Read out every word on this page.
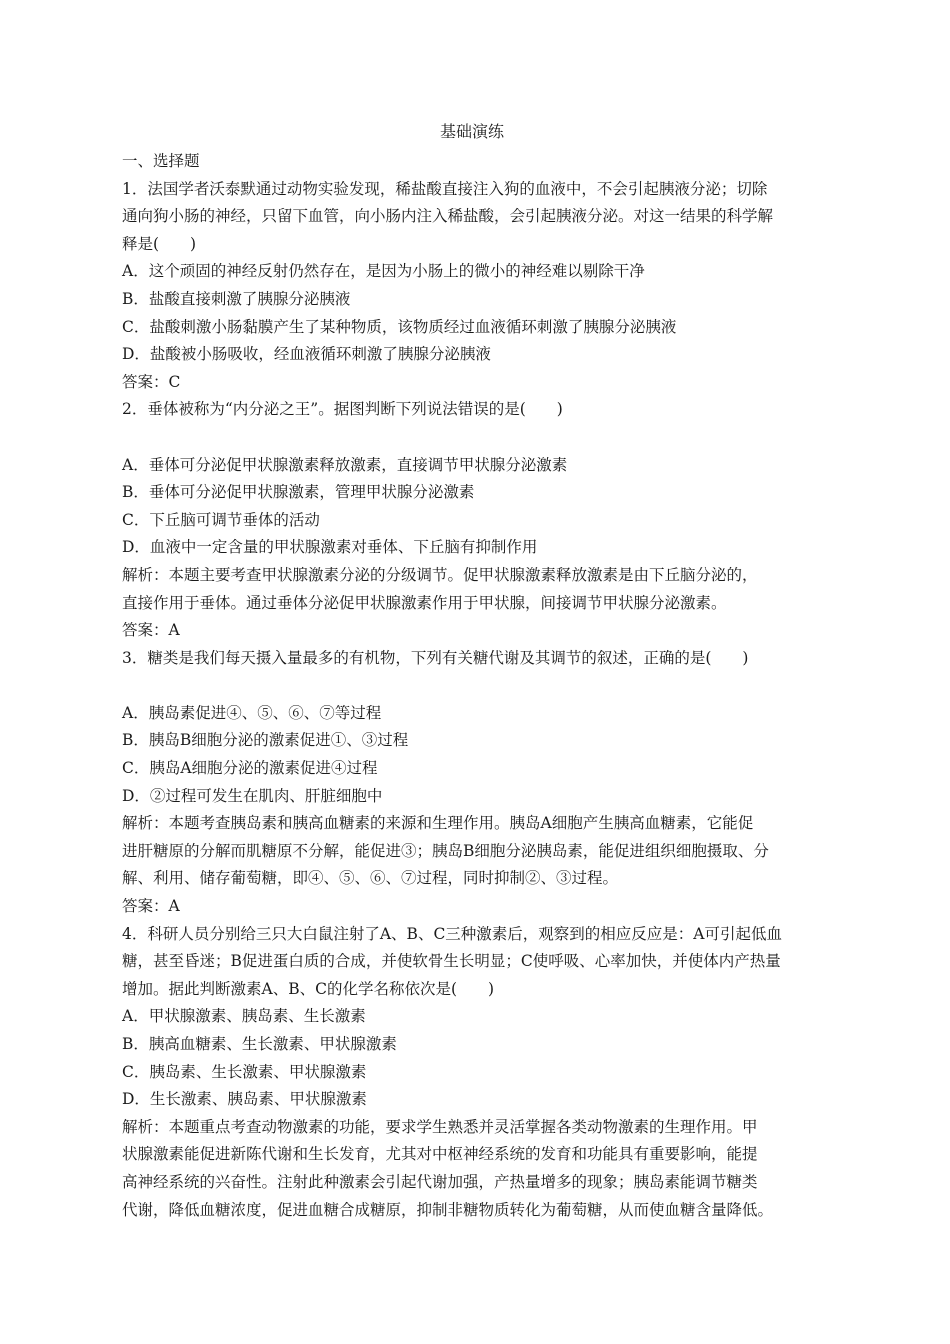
基础演练
一、选择题
1．法国学者沃泰默通过动物实验发现，稀盐酸直接注入狗的血液中，不会引起胰液分泌；切除
通向狗小肠的神经，只留下血管，向小肠内注入稀盐酸，会引起胰液分泌。对这一结果的科学解
释是(　　)
A．这个顽固的神经反射仍然存在，是因为小肠上的微小的神经难以剔除干净
B．盐酸直接刺激了胰腺分泌胰液
C．盐酸刺激小肠黏膜产生了某种物质，该物质经过血液循环刺激了胰腺分泌胰液
D．盐酸被小肠吸收，经血液循环刺激了胰腺分泌胰液
答案：C
2．垂体被称为“内分泌之王”。据图判断下列说法错误的是(　　)
A．垂体可分泌促甲状腺激素释放激素，直接调节甲状腺分泌激素
B．垂体可分泌促甲状腺激素，管理甲状腺分泌激素
C．下丘脑可调节垂体的活动
D．血液中一定含量的甲状腺激素对垂体、下丘脑有抑制作用
解析：本题主要考查甲状腺激素分泌的分级调节。促甲状腺激素释放激素是由下丘脑分泌的，
直接作用于垂体。通过垂体分泌促甲状腺激素作用于甲状腺，间接调节甲状腺分泌激素。
答案：A
3．糖类是我们每天摄入量最多的有机物，下列有关糖代谢及其调节的叙述，正确的是(　　)
A．胰岛素促进④、⑤、⑥、⑦等过程
B．胰岛B细胞分泌的激素促进①、③过程
C．胰岛A细胞分泌的激素促进④过程
D．②过程可发生在肌肉、肝脏细胞中
解析：本题考查胰岛素和胰高血糖素的来源和生理作用。胰岛A细胞产生胰高血糖素，它能促
进肝糖原的分解而肌糖原不分解，能促进③；胰岛B细胞分泌胰岛素，能促进组织细胞摄取、分
解、利用、储存葡萄糖，即④、⑤、⑥、⑦过程，同时抑制②、③过程。
答案：A
4．科研人员分别给三只大白鼠注射了A、B、C三种激素后，观察到的相应反应是：A可引起低血
糖，甚至昏迷；B促进蛋白质的合成，并使软骨生长明显；C使呼吸、心率加快，并使体内产热量
增加。据此判断激素A、B、C的化学名称依次是(　　)
A．甲状腺激素、胰岛素、生长激素
B．胰高血糖素、生长激素、甲状腺激素
C．胰岛素、生长激素、甲状腺激素
D．生长激素、胰岛素、甲状腺激素
解析：本题重点考查动物激素的功能，要求学生熟悉并灵活掌握各类动物激素的生理作用。甲
状腺激素能促进新陈代谢和生长发育，尤其对中枢神经系统的发育和功能具有重要影响，能提
高神经系统的兴奋性。注射此种激素会引起代谢加强，产热量增多的现象；胰岛素能调节糖类
代谢，降低血糖浓度，促进血糖合成糖原，抑制非糖物质转化为葡萄糖，从而使血糖含量降低。
